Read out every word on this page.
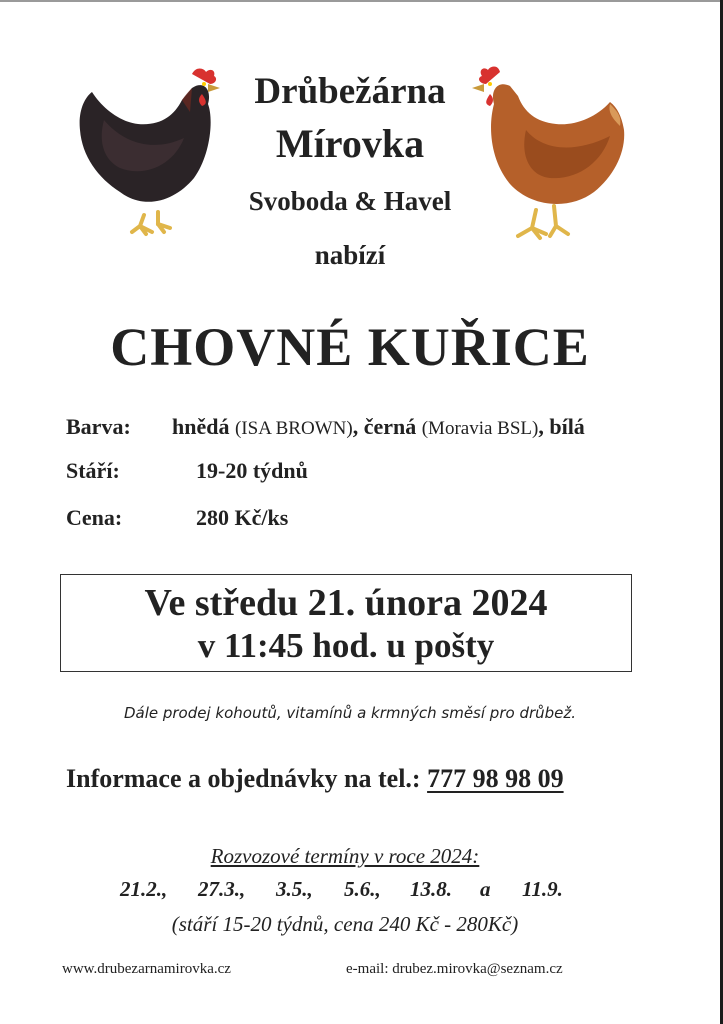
Drůbežárna
Mírovka
Svoboda & Havel
nabízí
CHOVNÉ KUŘICE
Barva: hnědá (ISA BROWN), černá (Moravia BSL), bílá
Stáří:	19-20 týdnů
Cena:	280 Kč/ks
Ve středu 21. února 2024
v 11:45 hod. u pošty
Dále prodej kohoutů, vitamínů a krmných směsí pro drůbež.
Informace a objednávky na tel.: 777 98 98 09
Rozvozové termíny v roce 2024:
21.2., 27.3., 3.5., 5.6., 13.8. a 11.9.
(stáří 15-20 týdnů, cena 240 Kč - 280Kč)
www.drubezarnamirovka.cz	e-mail: drubez.mirovka@seznam.cz
